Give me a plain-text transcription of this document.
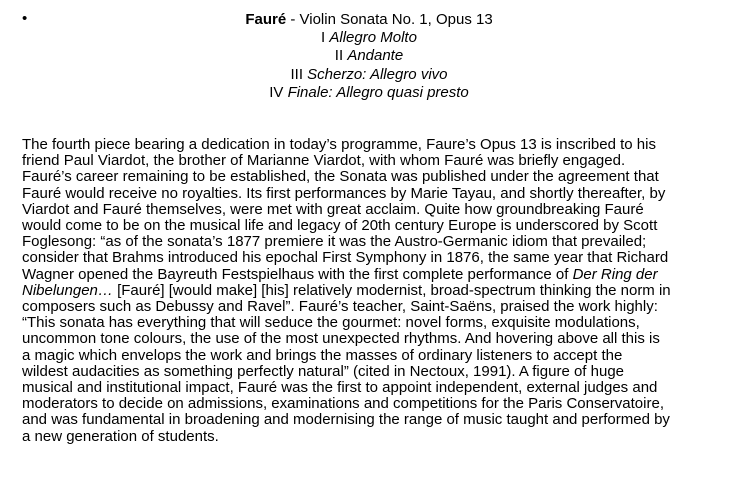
•	Fauré - Violin Sonata No. 1, Opus 13
I Allegro Molto
II Andante
III Scherzo: Allegro vivo
IV Finale: Allegro quasi presto
The fourth piece bearing a dedication in today’s programme, Faure’s Opus 13 is inscribed to his
friend Paul Viardot, the brother of Marianne Viardot, with whom Fauré was briefly engaged.
Fauré’s career remaining to be established, the Sonata was published under the agreement that
Fauré would receive no royalties. Its first performances by Marie Tayau, and shortly thereafter, by
Viardot and Fauré themselves, were met with great acclaim. Quite how groundbreaking Fauré
would come to be on the musical life and legacy of 20th century Europe is underscored by Scott
Foglesong: “as of the sonata’s 1877 premiere it was the Austro-Germanic idiom that prevailed;
consider that Brahms introduced his epochal First Symphony in 1876, the same year that Richard
Wagner opened the Bayreuth Festspielhaus with the first complete performance of Der Ring der
Nibelungen… [Fauré] [would make] [his] relatively modernist, broad-spectrum thinking the norm in
composers such as Debussy and Ravel”. Fauré’s teacher, Saint-Saëns, praised the work highly:
“This sonata has everything that will seduce the gourmet: novel forms, exquisite modulations,
uncommon tone colours, the use of the most unexpected rhythms. And hovering above all this is
a magic which envelops the work and brings the masses of ordinary listeners to accept the
wildest audacities as something perfectly natural” (cited in Nectoux, 1991). A figure of huge
musical and institutional impact, Fauré was the first to appoint independent, external judges and
moderators to decide on admissions, examinations and competitions for the Paris Conservatoire,
and was fundamental in broadening and modernising the range of music taught and performed by
a new generation of students.
